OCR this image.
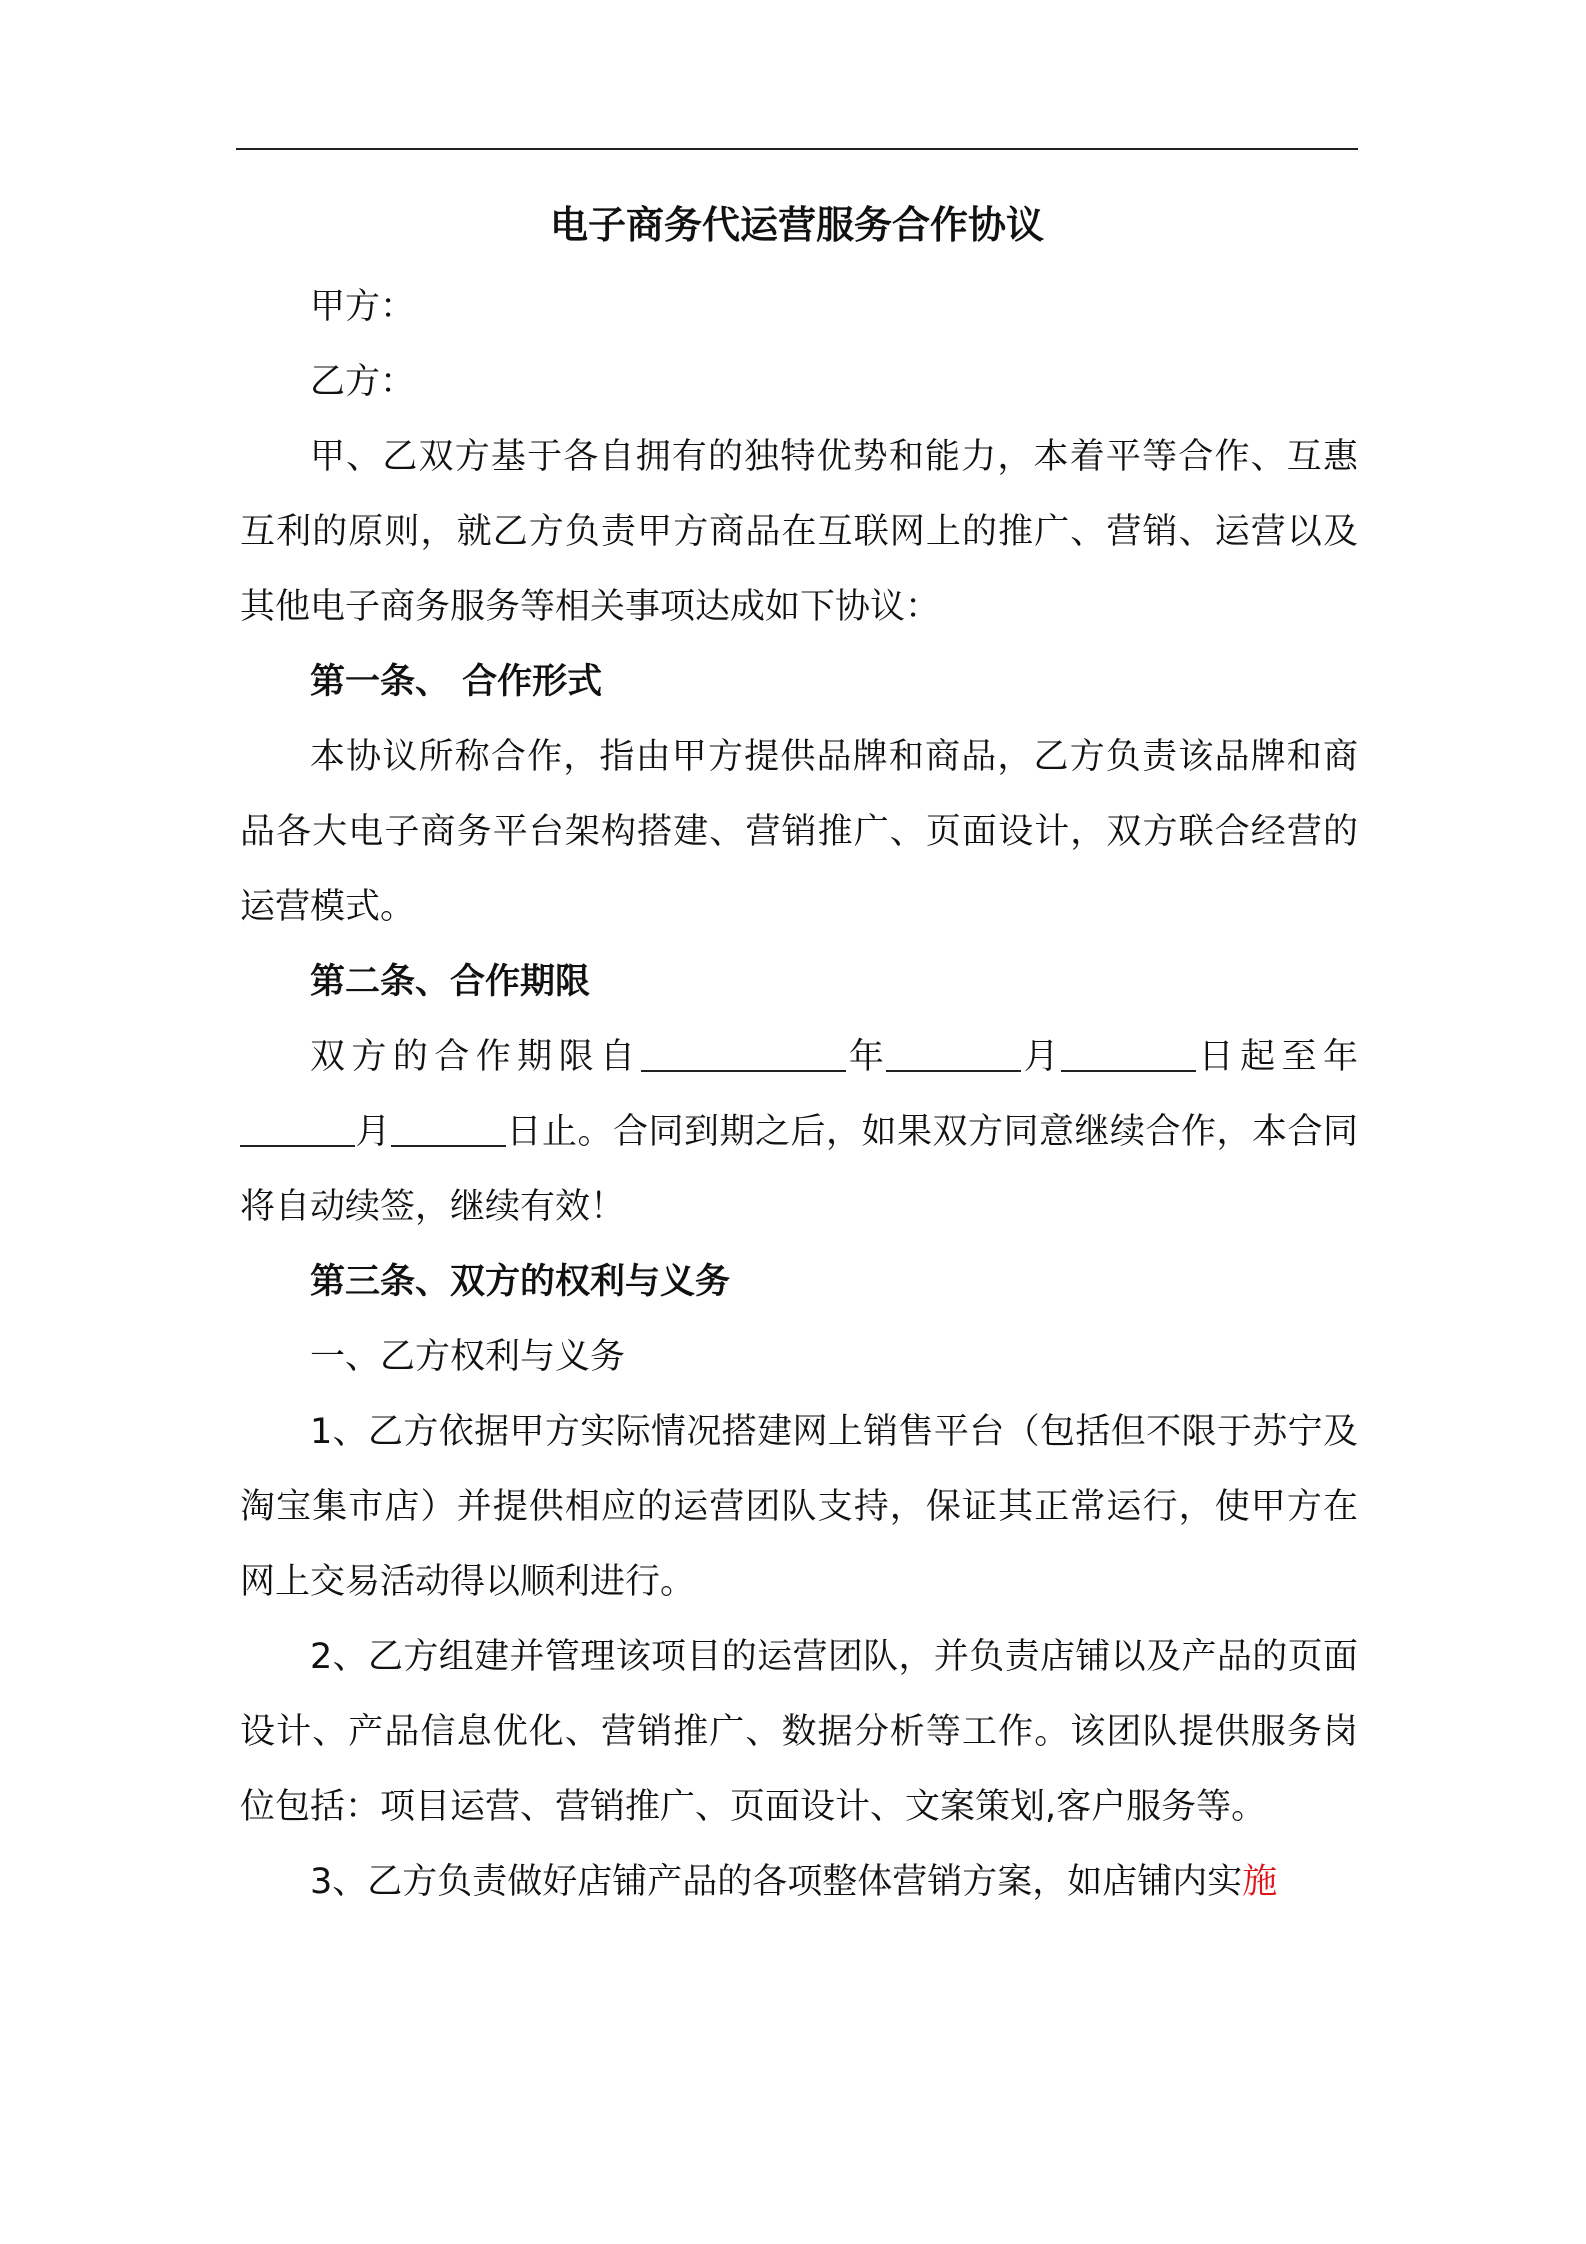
电子商务代运营服务合作协议

甲方：

乙方：

甲、乙双方基于各自拥有的独特优势和能力，本着平等合作、互惠互利的原则，就乙方负责甲方商品在互联网上的推广、营销、运营以及其他电子商务服务等相关事项达成如下协议：

第一条、 合作形式

本协议所称合作，指由甲方提供品牌和商品，乙方负责该品牌和商品各大电子商务平台架构搭建、营销推广、页面设计，双方联合经营的运营模式。

第二条、合作期限

双方的合作期限自	年	月	日起至年月	日止。合同到期之后，如果双方同意继续合作，本合同将自动续签，继续有效！

第三条、双方的权利与义务

一、乙方权利与义务

1、乙方依据甲方实际情况搭建网上销售平台（包括但不限于苏宁及淘宝集市店）并提供相应的运营团队支持，保证其正常运行，使甲方在网上交易活动得以顺利进行。

2、乙方组建并管理该项目的运营团队，并负责店铺以及产品的页面设计、产品信息优化、营销推广、数据分析等工作。该团队提供服务岗位包括：项目运营、营销推广、页面设计、文案策划,客户服务等。

3、乙方负责做好店铺产品的各项整体营销方案，如店铺内实施
